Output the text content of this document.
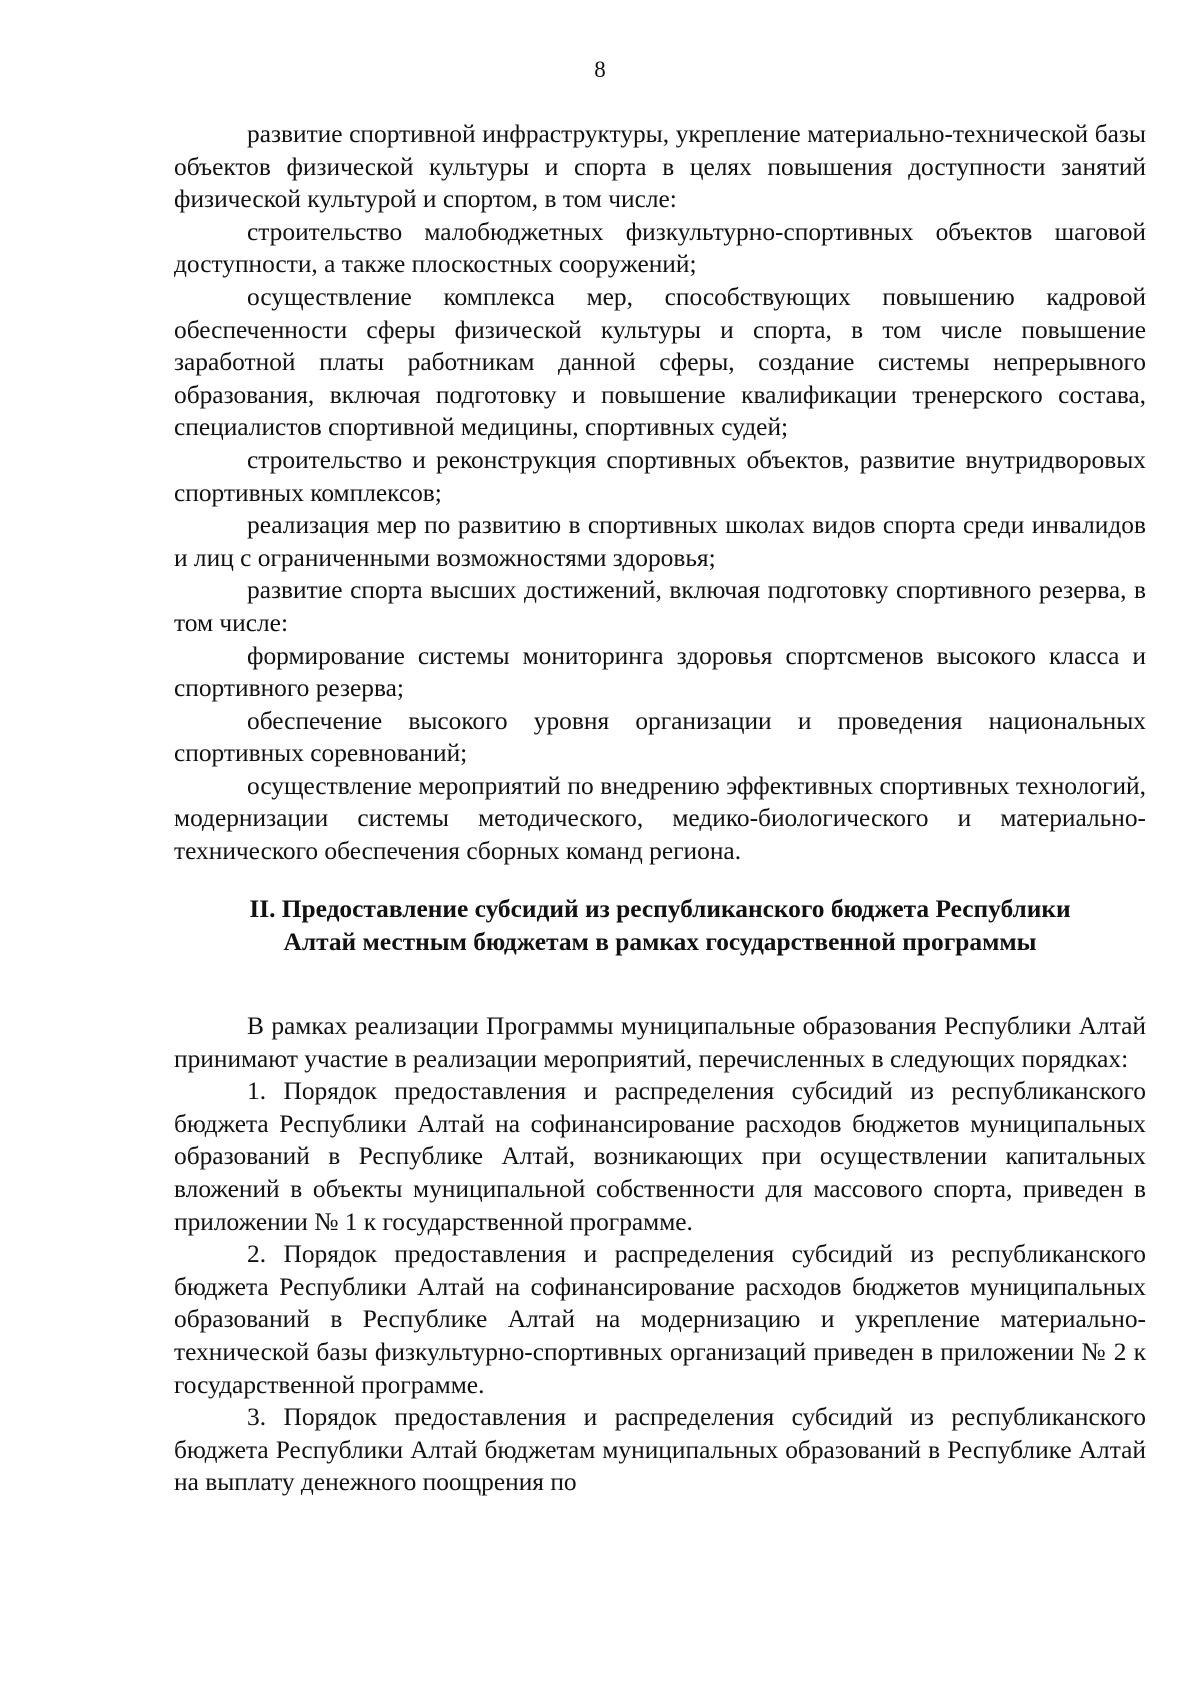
8

развитие спортивной инфраструктуры, укрепление материально-технической базы объектов физической культуры и спорта в целях повышения доступности занятий физической культурой и спортом, в том числе:

строительство малобюджетных физкультурно-спортивных объектов шаговой доступности, а также плоскостных сооружений;

осуществление комплекса мер, способствующих повышению кадровой обеспеченности сферы физической культуры и спорта, в том числе повышение заработной платы работникам данной сферы, создание системы непрерывного образования, включая подготовку и повышение квалификации тренерского состава, специалистов спортивной медицины, спортивных судей;

строительство и реконструкция спортивных объектов, развитие внутридворовых спортивных комплексов;

реализация мер по развитию в спортивных школах видов спорта среди инвалидов и лиц с ограниченными возможностями здоровья;

развитие спорта высших достижений, включая подготовку спортивного резерва, в том числе:

формирование системы мониторинга здоровья спортсменов высокого класса и спортивного резерва;

обеспечение высокого уровня организации и проведения национальных спортивных соревнований;

осуществление мероприятий по внедрению эффективных спортивных технологий, модернизации системы методического, медико-биологического и материально-технического обеспечения сборных команд региона.

II. Предоставление субсидий из республиканского бюджета Республики
Алтай местным бюджетам в рамках государственной программы

В рамках реализации Программы муниципальные образования Республики Алтай принимают участие в реализации мероприятий, перечисленных в следующих порядках:

1. Порядок предоставления и распределения субсидий из республиканского бюджета Республики Алтай на софинансирование расходов бюджетов муниципальных образований в Республике Алтай, возникающих при осуществлении капитальных вложений в объекты муниципальной собственности для массового спорта, приведен в приложении № 1 к государственной программе.

2. Порядок предоставления и распределения субсидий из республиканского бюджета Республики Алтай на софинансирование расходов бюджетов муниципальных образований в Республике Алтай на модернизацию и укрепление материально-технической базы физкультурно-спортивных организаций приведен в приложении № 2 к государственной программе.

3. Порядок предоставления и распределения субсидий из республиканского бюджета Республики Алтай бюджетам муниципальных образований в Республике Алтай на выплату денежного поощрения по
